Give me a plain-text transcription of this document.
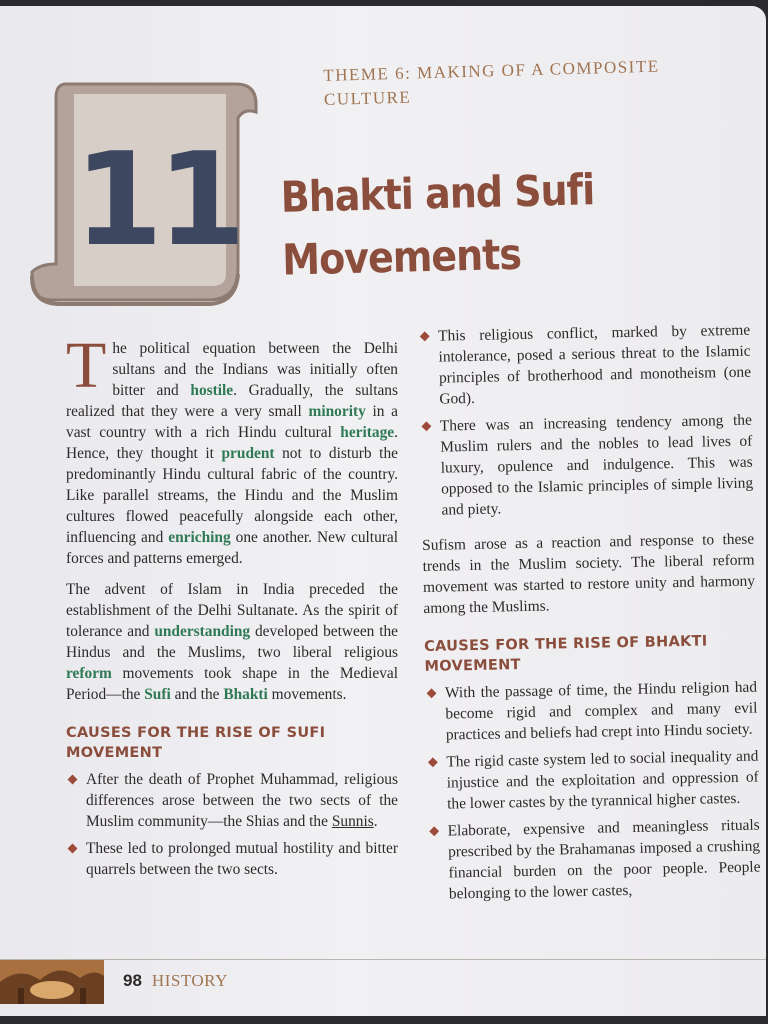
11
THEME 6: MAKING OF A COMPOSITE CULTURE
Bhakti and Sufi
Movements

The political equation between the Delhi sultans and the Indians was initially often bitter and hostile. Gradually, the sultans realized that they were a very small minority in a vast country with a rich Hindu cultural heritage. Hence, they thought it prudent not to disturb the predominantly Hindu cultural fabric of the country. Like parallel streams, the Hindu and the Muslim cultures flowed peacefully alongside each other, influencing and enriching one another. New cultural forces and patterns emerged.

The advent of Islam in India preceded the establishment of the Delhi Sultanate. As the spirit of tolerance and understanding developed between the Hindus and the Muslims, two liberal religious reform movements took shape in the Medieval Period—the Sufi and the Bhakti movements.

CAUSES FOR THE RISE OF SUFI MOVEMENT
After the death of Prophet Muhammad, religious differences arose between the two sects of the Muslim community—the Shias and the Sunnis.
These led to prolonged mutual hostility and bitter quarrels between the two sects.
This religious conflict, marked by extreme intolerance, posed a serious threat to the Islamic principles of brotherhood and monotheism (one God).
There was an increasing tendency among the Muslim rulers and the nobles to lead lives of luxury, opulence and indulgence. This was opposed to the Islamic principles of simple living and piety.

Sufism arose as a reaction and response to these trends in the Muslim society. The liberal reform movement was started to restore unity and harmony among the Muslims.

CAUSES FOR THE RISE OF BHAKTI MOVEMENT
With the passage of time, the Hindu religion had become rigid and complex and many evil practices and beliefs had crept into Hindu society.
The rigid caste system led to social inequality and injustice and the exploitation and oppression of the lower castes by the tyrannical higher castes.
Elaborate, expensive and meaningless rituals prescribed by the Brahamanas imposed a crushing financial burden on the poor people. People belonging to the lower castes,
98 HISTORY
